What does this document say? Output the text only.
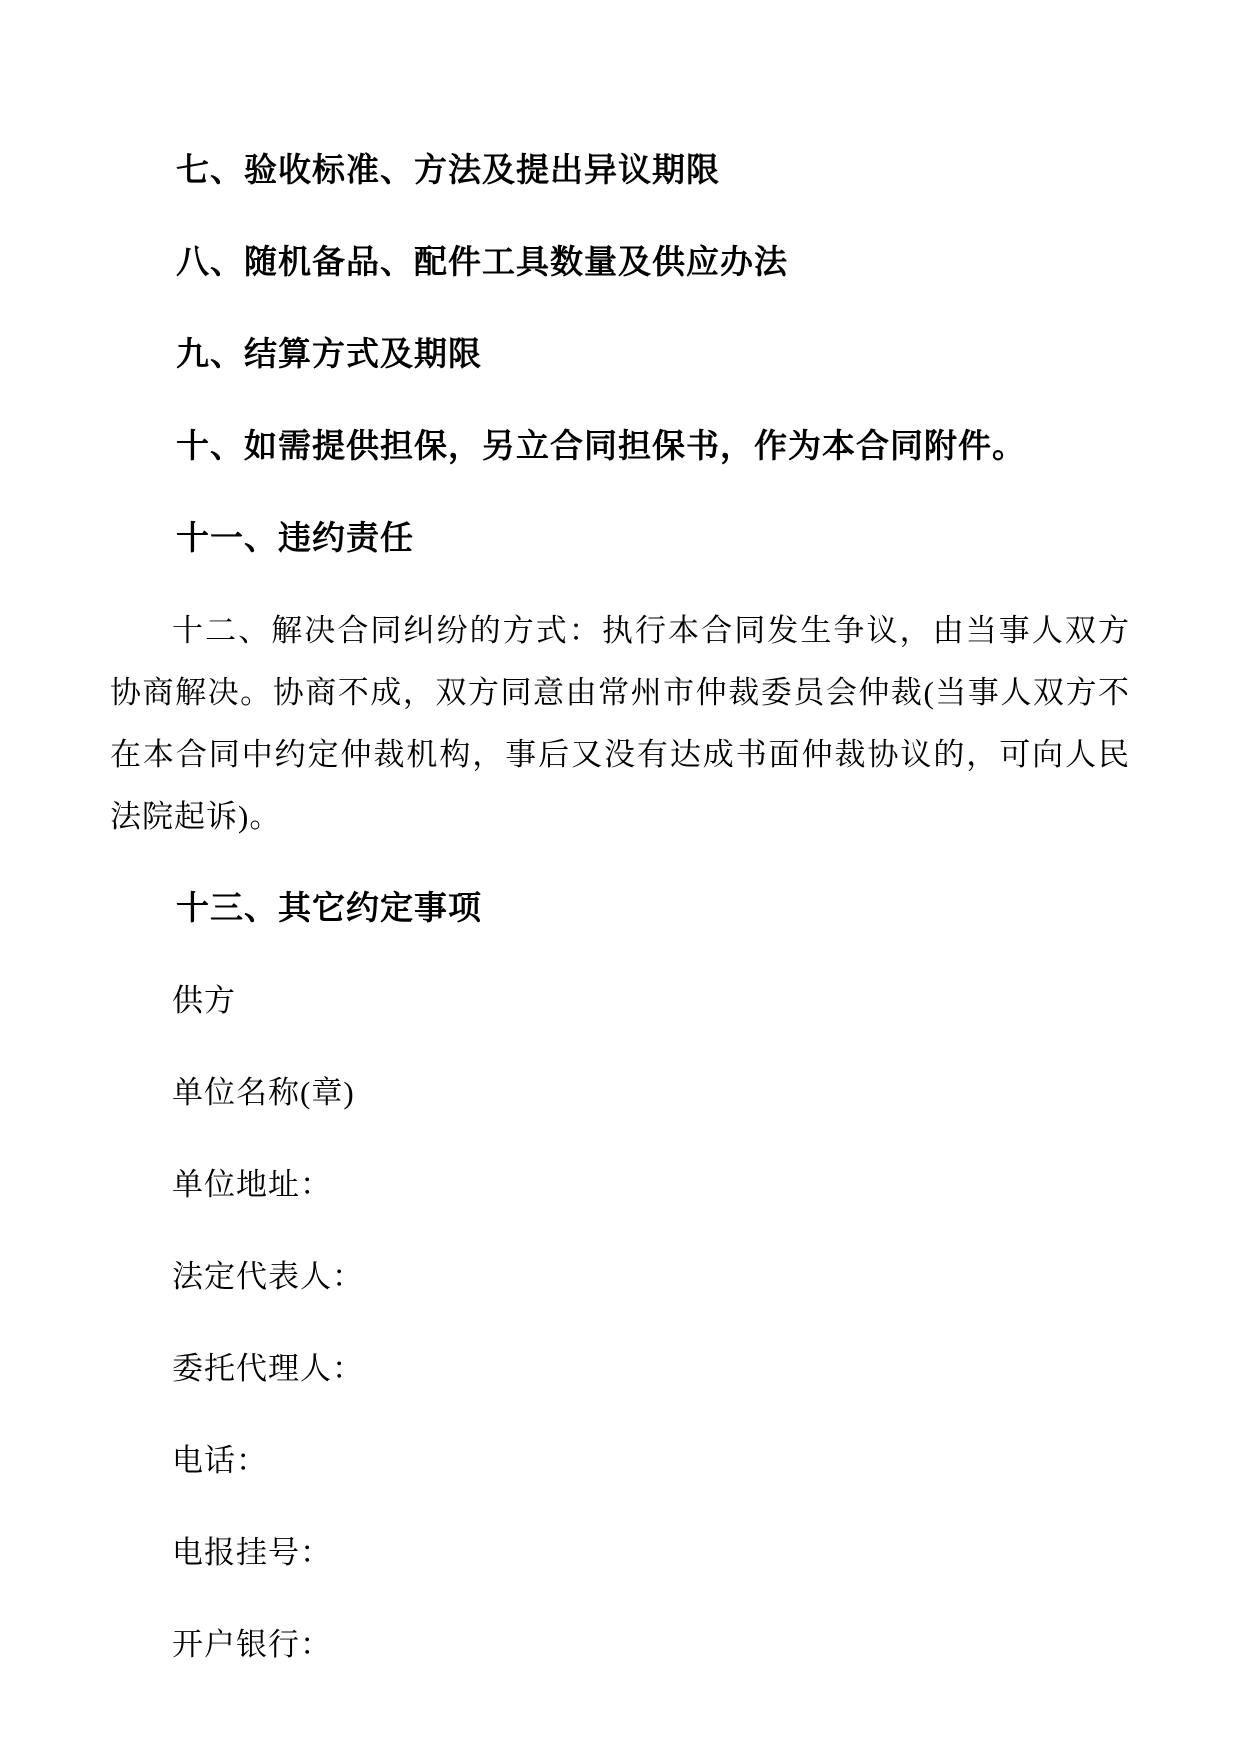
七、验收标准、方法及提出异议期限

八、随机备品、配件工具数量及供应办法

九、结算方式及期限

十、如需提供担保，另立合同担保书，作为本合同附件。

十一、违约责任

十二、解决合同纠纷的方式：执行本合同发生争议，由当事人双方协商解决。协商不成，双方同意由常州市仲裁委员会仲裁(当事人双方不在本合同中约定仲裁机构，事后又没有达成书面仲裁协议的，可向人民法院起诉)。

十三、其它约定事项

供方

单位名称(章)

单位地址：

法定代表人：

委托代理人：

电话：

电报挂号：

开户银行：
